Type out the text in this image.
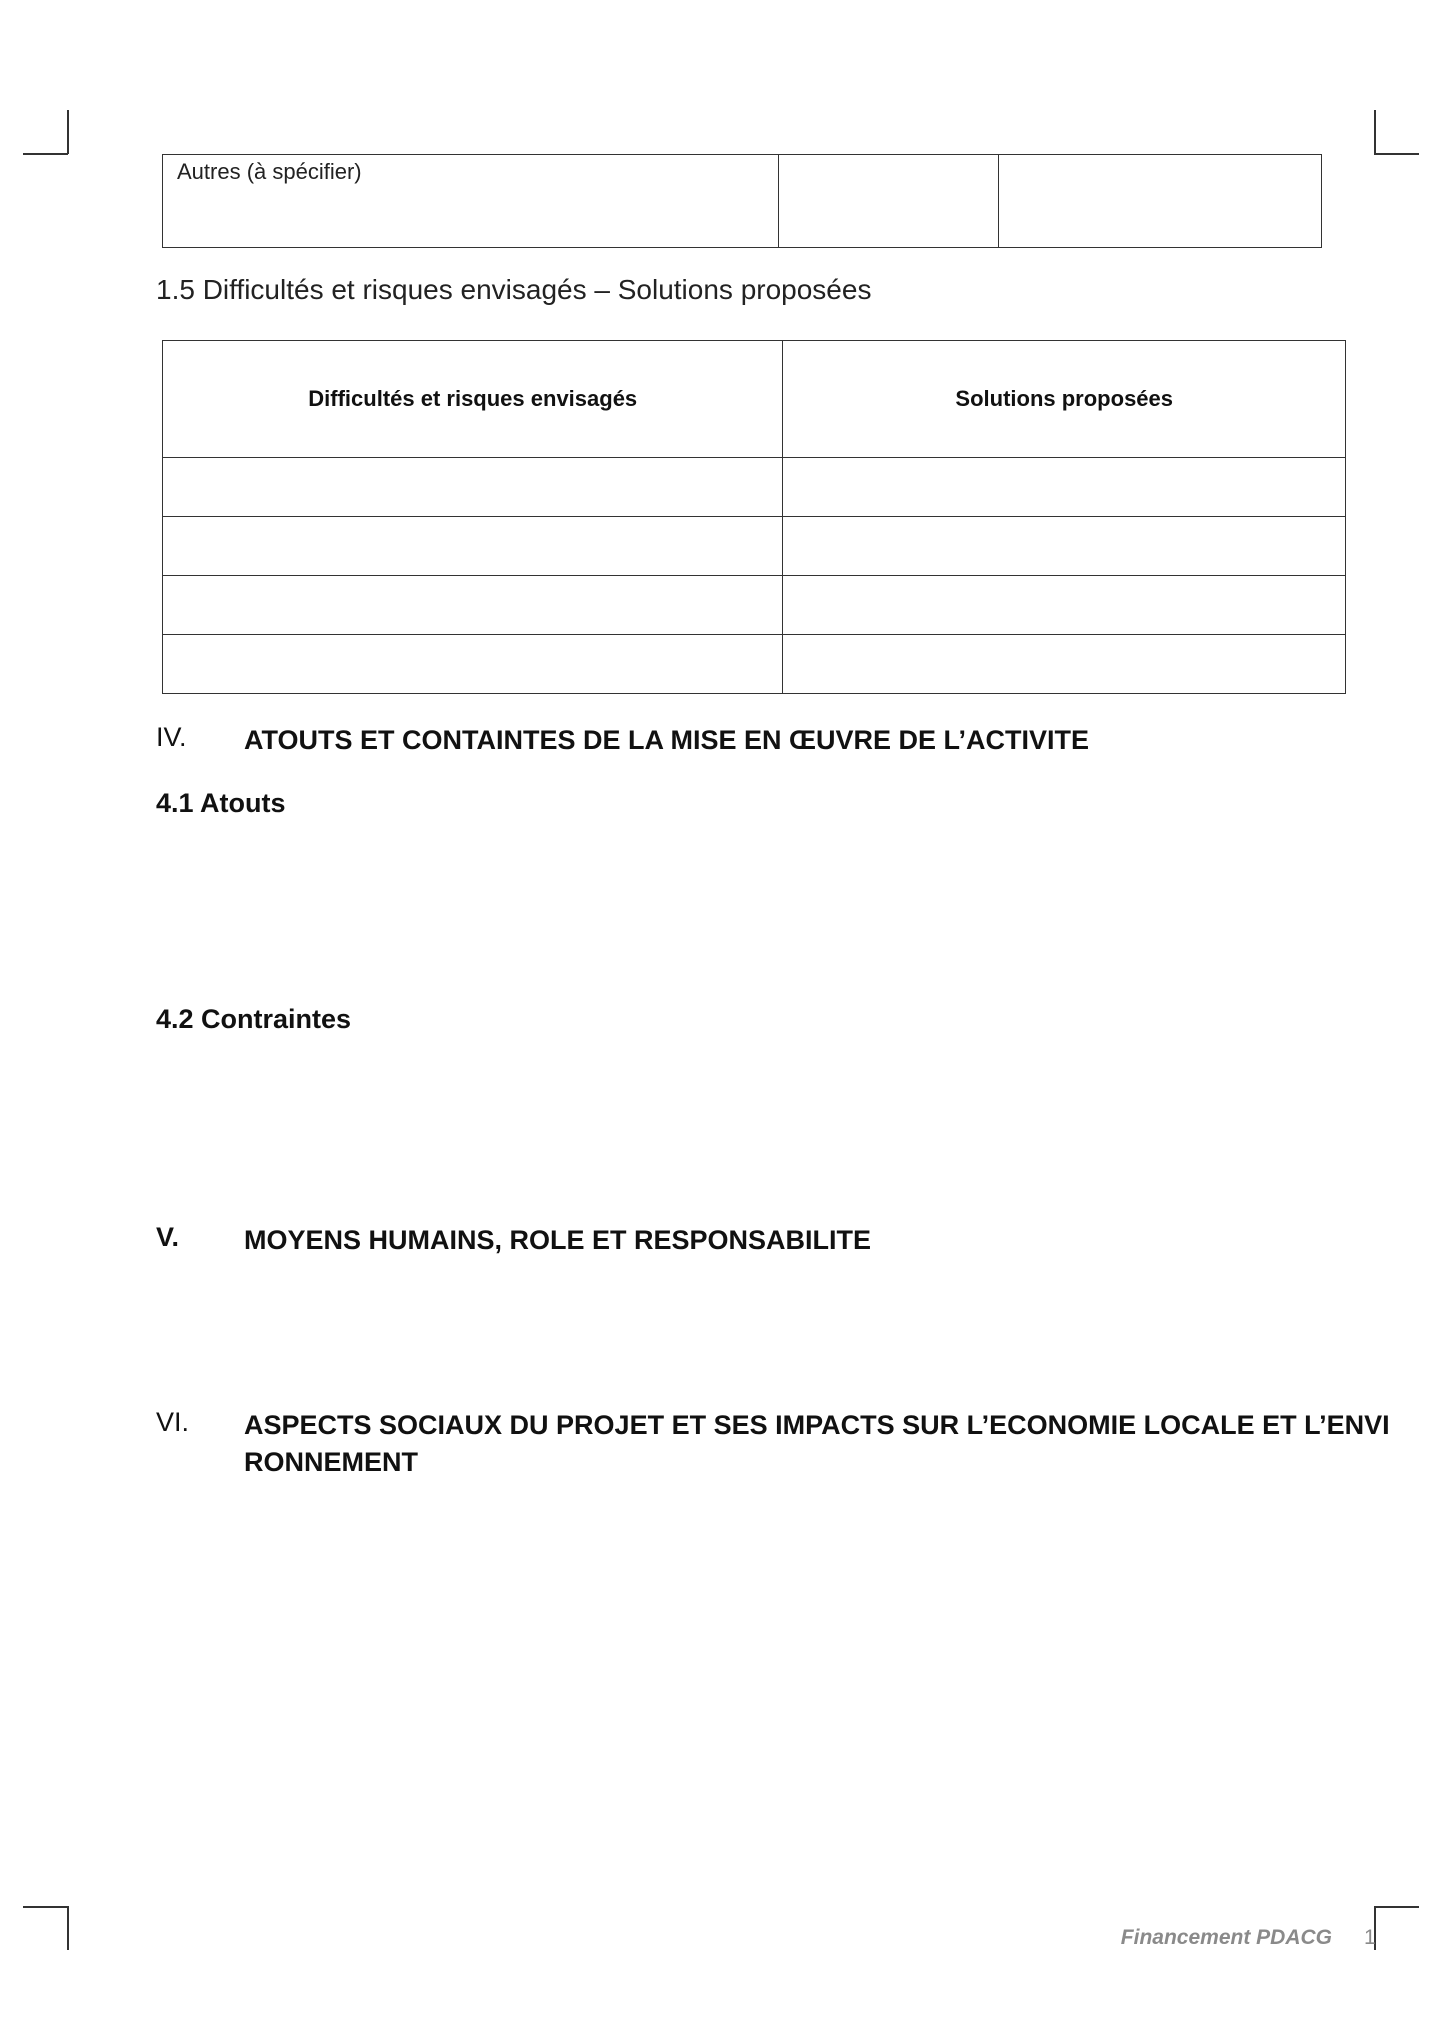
Autres (à spécifier)		
1.5 Difficultés et risques envisagés – Solutions proposées
Difficultés et risques envisagés	Solutions proposées

IV. ATOUTS ET CONTAINTES DE LA MISE EN ŒUVRE DE L’ACTIVITE
4.1 Atouts
4.2 Contraintes
V. MOYENS HUMAINS, ROLE ET RESPONSABILITE
VI. ASPECTS SOCIAUX DU PROJET ET SES IMPACTS SUR L’ECONOMIE LOCALE ET L’ENVI
RONNEMENT
Financement PDACG 1
